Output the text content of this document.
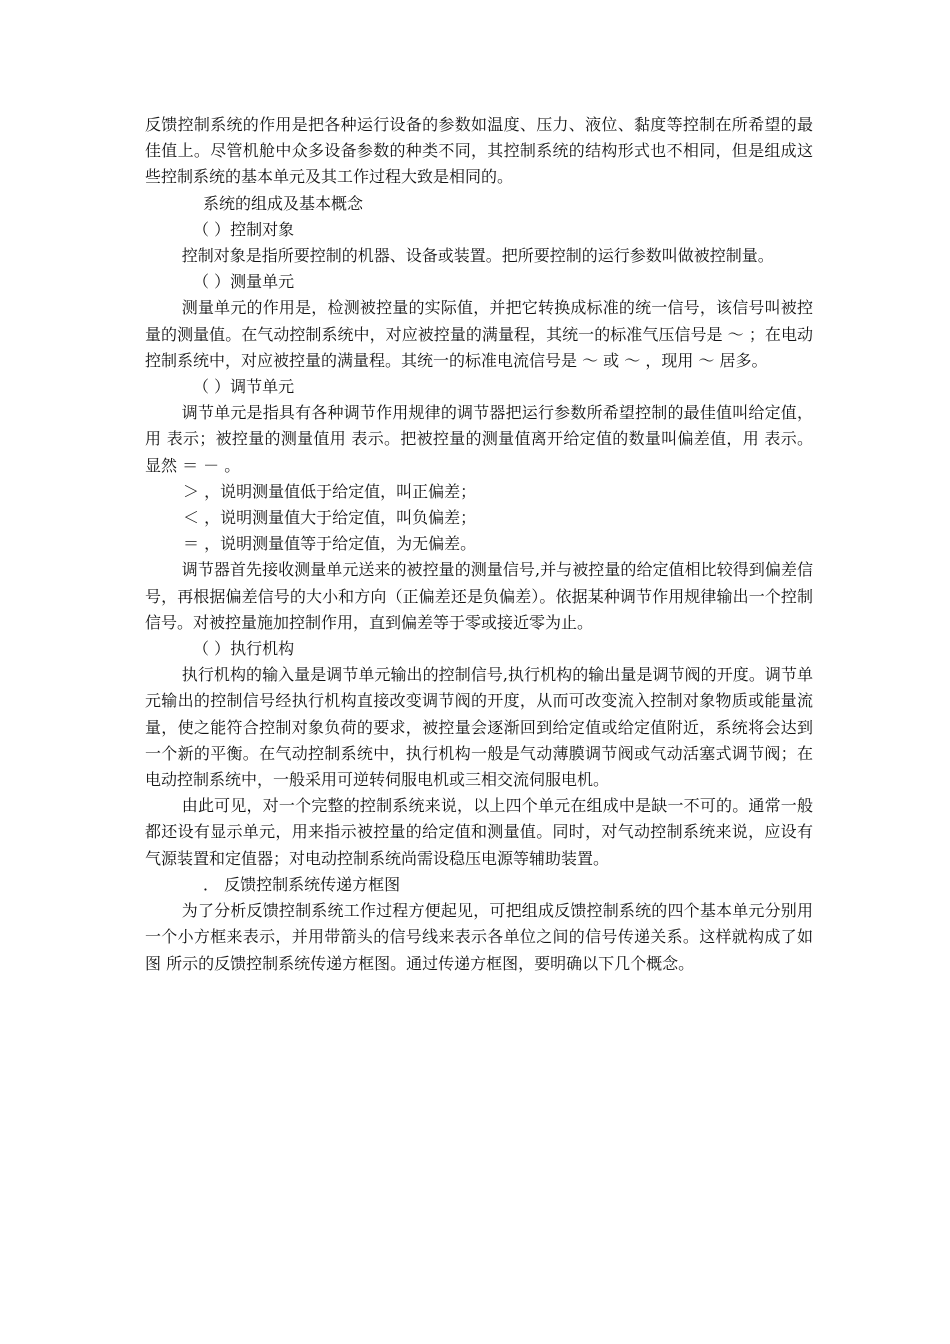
反馈控制系统的作用是把各种运行设备的参数如温度、压力、液位、黏度等控制在所希望的最佳值上。尽管机舱中众多设备参数的种类不同，其控制系统的结构形式也不相同，但是组成这些控制系统的基本单元及其工作过程大致是相同的。

系统的组成及基本概念

（ ）控制对象

控制对象是指所要控制的机器、设备或装置。把所要控制的运行参数叫做被控制量。

（ ）测量单元

测量单元的作用是，检测被控量的实际值，并把它转换成标准的统一信号，该信号叫被控量的测量值。在气动控制系统中，对应被控量的满量程，其统一的标准气压信号是 ～ ；在电动控制系统中，对应被控量的满量程。其统一的标准电流信号是 ～ 或 ～ ，现用 ～ 居多。

（ ）调节单元

调节单元是指具有各种调节作用规律的调节器把运行参数所希望控制的最佳值叫给定值，用 表示；被控量的测量值用 表示。把被控量的测量值离开给定值的数量叫偏差值，用 表示。显然 ＝ － 。

＞ ，说明测量值低于给定值，叫正偏差；

＜ ，说明测量值大于给定值，叫负偏差；

＝ ，说明测量值等于给定值，为无偏差。

调节器首先接收测量单元送来的被控量的测量信号,并与被控量的给定值相比较得到偏差信号，再根据偏差信号的大小和方向（正偏差还是负偏差）。依据某种调节作用规律输出一个控制信号。对被控量施加控制作用，直到偏差等于零或接近零为止。

（ ）执行机构

执行机构的输入量是调节单元输出的控制信号,执行机构的输出量是调节阀的开度。调节单元输出的控制信号经执行机构直接改变调节阀的开度，从而可改变流入控制对象物质或能量流量，使之能符合控制对象负荷的要求，被控量会逐渐回到给定值或给定值附近，系统将会达到一个新的平衡。在气动控制系统中，执行机构一般是气动薄膜调节阀或气动活塞式调节阀；在电动控制系统中，一般采用可逆转伺服电机或三相交流伺服电机。

由此可见，对一个完整的控制系统来说，以上四个单元在组成中是缺一不可的。通常一般都还设有显示单元，用来指示被控量的给定值和测量值。同时，对气动控制系统来说，应设有气源装置和定值器；对电动控制系统尚需设稳压电源等辅助装置。

． 反馈控制系统传递方框图

为了分析反馈控制系统工作过程方便起见，可把组成反馈控制系统的四个基本单元分别用一个小方框来表示，并用带箭头的信号线来表示各单位之间的信号传递关系。这样就构成了如图 所示的反馈控制系统传递方框图。通过传递方框图，要明确以下几个概念。
